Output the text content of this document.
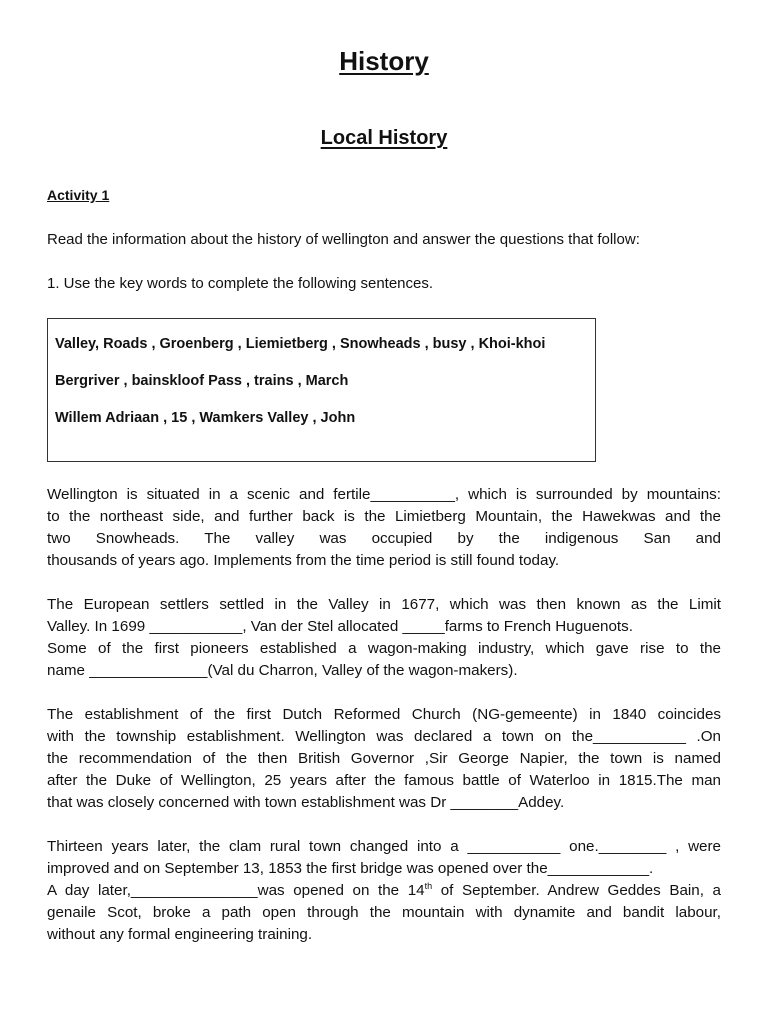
History
Local History
Activity 1
Read the information about the history of wellington and answer the questions that follow:
1. Use the key words to complete the following sentences.
Valley, Roads , Groenberg , Liemietberg , Snowheads , busy , Khoi-khoi
Bergriver , bainskloof Pass , trains , March
Willem Adriaan , 15 , Wamkers Valley , John
Wellington is situated in a scenic and fertile__________, which is surrounded by mountains:
to the northeast side, and further back is the Limietberg Mountain, the Hawekwas and the
two Snowheads. The valley was occupied by the indigenous San and
thousands of years ago. Implements from the time period is still found today.
The European settlers settled in the Valley in 1677, which was then known as the Limit
Valley. In 1699 ___________, Van der Stel allocated _____farms to French Huguenots.
Some of the first pioneers established a wagon-making industry, which gave rise to the
name ______________(Val du Charron, Valley of the wagon-makers).
The establishment of the first Dutch Reformed Church (NG-gemeente) in 1840 coincides
with the township establishment. Wellington was declared a town on the___________ .On
the recommendation of the then British Governor ,Sir George Napier, the town is named
after the Duke of Wellington, 25 years after the famous battle of Waterloo in 1815.The man
that was closely concerned with town establishment was Dr ________Addey.
Thirteen years later, the clam rural town changed into a ___________ one.________ , were
improved and on September 13, 1853 the first bridge was opened over the____________.
A day later,_______________was opened on the 14th of September. Andrew Geddes Bain, a
genaile Scot, broke a path open through the mountain with dynamite and bandit labour,
without any formal engineering training.
